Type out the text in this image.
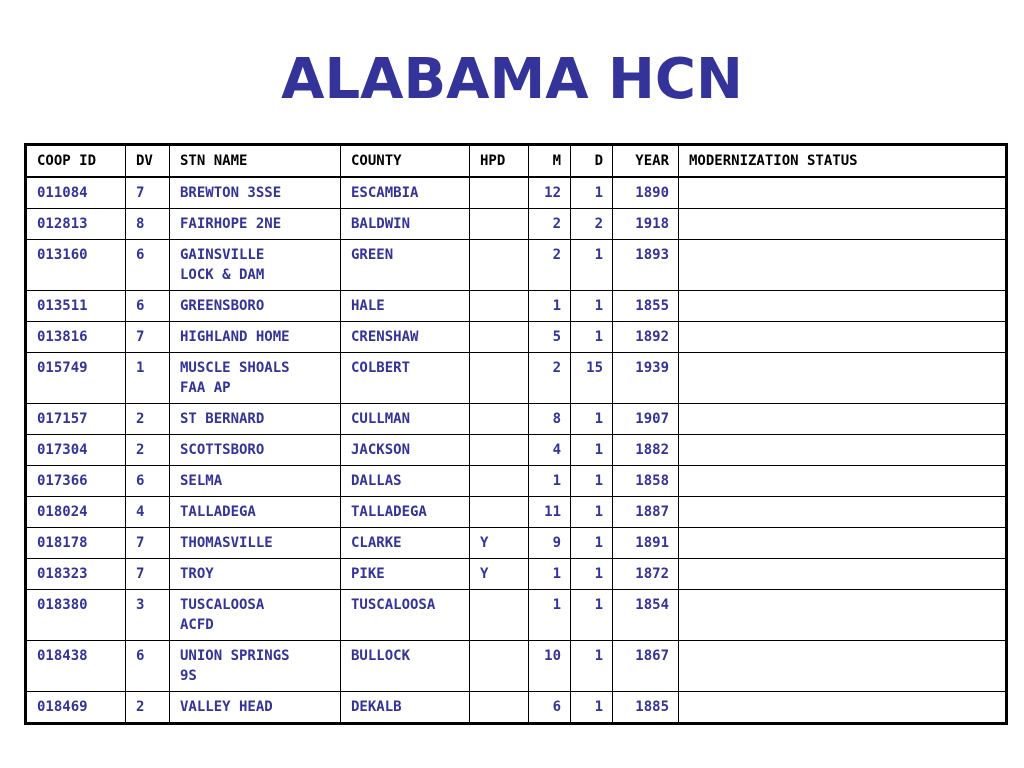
ALABAMA HCN
COOP ID	DV	STN NAME	COUNTY	HPD	M	D	YEAR	MODERNIZATION STATUS
011084	7	BREWTON 3SSE	ESCAMBIA		12	1	1890	
012813	8	FAIRHOPE 2NE	BALDWIN		2	2	1918	
013160	6	GAINSVILLE
LOCK & DAM	GREEN		2	1	1893	
013511	6	GREENSBORO	HALE		1	1	1855	
013816	7	HIGHLAND HOME	CRENSHAW		5	1	1892	
015749	1	MUSCLE SHOALS
FAA AP	COLBERT		2	15	1939	
017157	2	ST BERNARD	CULLMAN		8	1	1907	
017304	2	SCOTTSBORO	JACKSON		4	1	1882	
017366	6	SELMA	DALLAS		1	1	1858	
018024	4	TALLADEGA	TALLADEGA		11	1	1887	
018178	7	THOMASVILLE	CLARKE	Y	9	1	1891	
018323	7	TROY	PIKE	Y	1	1	1872	
018380	3	TUSCALOOSA
ACFD	TUSCALOOSA		1	1	1854	
018438	6	UNION SPRINGS
9S	BULLOCK		10	1	1867	
018469	2	VALLEY HEAD	DEKALB		6	1	1885	
